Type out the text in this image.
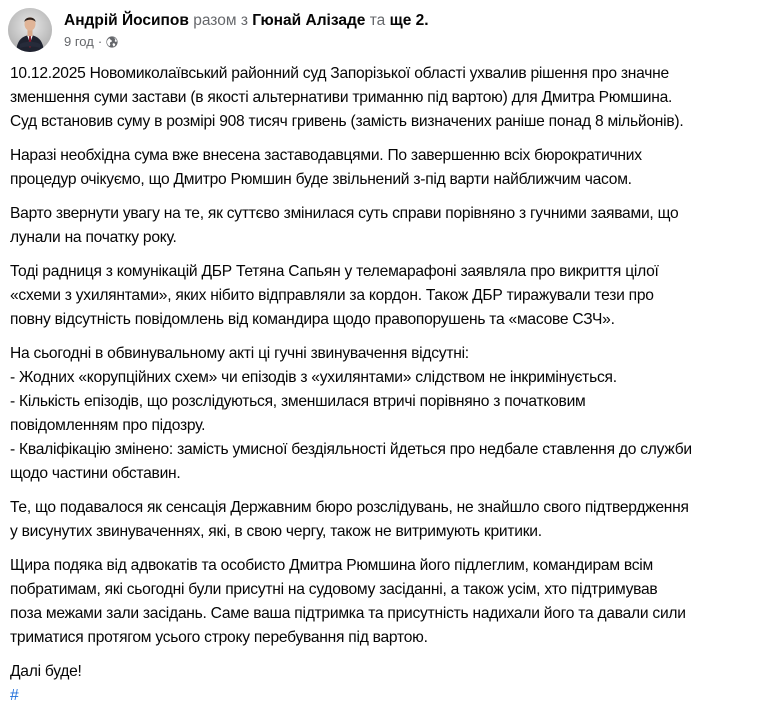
Андрій Йосипов разом з Гюнай Алізаде та ще 2.
9 год ·
10.12.2025 Новомиколаївський районний суд Запорізької області ухвалив рішення про значне
зменшення суми застави (в якості альтернативи триманню під вартою) для Дмитра Рюмшина.
Суд встановив суму в розмірі 908 тисяч гривень (замість визначених раніше понад 8 мільйонів).
Наразі необхідна сума вже внесена заставодавцями. По завершенню всіх бюрократичних
процедур очікуємо, що Дмитро Рюмшин буде звільнений з-під варти найближчим часом.
Варто звернути увагу на те, як суттєво змінилася суть справи порівняно з гучними заявами, що
лунали на початку року.
Тоді радниця з комунікацій ДБР Тетяна Сапьян у телемарафоні заявляла про викриття цілої
«схеми з ухилянтами», яких нібито відправляли за кордон. Також ДБР тиражували тези про
повну відсутність повідомлень від командира щодо правопорушень та «масове СЗЧ».
На сьогодні в обвинувальному акті ці гучні звинувачення відсутні:
- Жодних «корупційних схем» чи епізодів з «ухилянтами» слідством не інкримінується.
- Кількість епізодів, що розслідуються, зменшилася втричі порівняно з початковим
повідомленням про підозру.
- Кваліфікацію змінено: замість умисної бездіяльності йдеться про недбале ставлення до служби
щодо частини обставин.
Те, що подавалося як сенсація Державним бюро розслідувань, не знайшло свого підтвердження
у висунутих звинуваченнях, які, в свою чергу, також не витримують критики.
Щира подяка від адвокатів та особисто Дмитра Рюмшина його підлеглим, командирам всім
побратимам, які сьогодні були присутні на судовому засіданні, а також усім, хто підтримував
поза межами зали засідань. Саме ваша підтримка та присутність надихали його та давали сили
триматися протягом усього строку перебування під вартою.
Далі буде!
#
